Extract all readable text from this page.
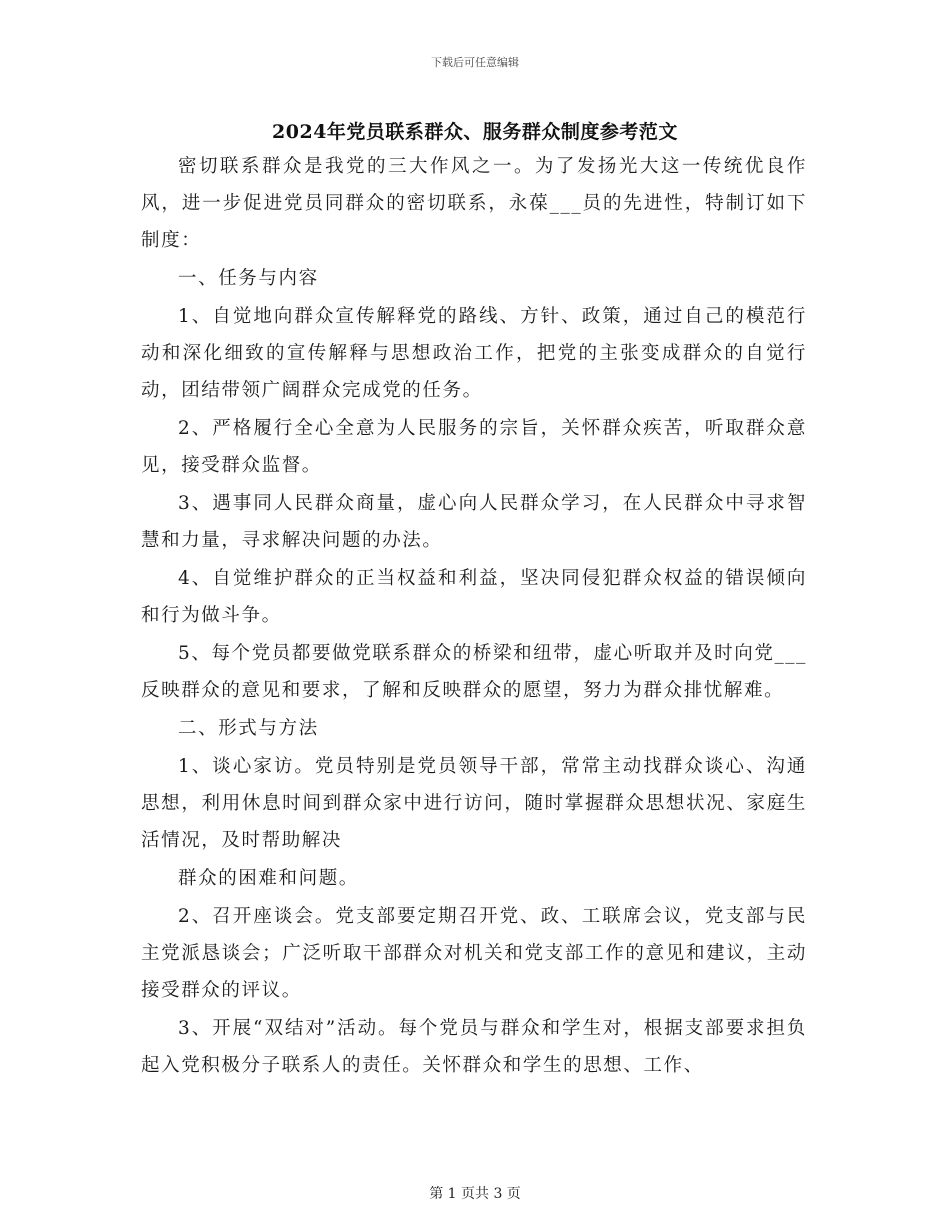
下载后可任意编辑
2024年党员联系群众、服务群众制度参考范文

密切联系群众是我党的三大作风之一。为了发扬光大这一传统优良作风，进一步促进党员同群众的密切联系，永葆___员的先进性，特制订如下制度：

一、任务与内容

1、自觉地向群众宣传解释党的路线、方针、政策，通过自己的模范行动和深化细致的宣传解释与思想政治工作，把党的主张变成群众的自觉行动，团结带领广阔群众完成党的任务。

2、严格履行全心全意为人民服务的宗旨，关怀群众疾苦，听取群众意见，接受群众监督。

3、遇事同人民群众商量，虚心向人民群众学习，在人民群众中寻求智慧和力量，寻求解决问题的办法。

4、自觉维护群众的正当权益和利益，坚决同侵犯群众权益的错误倾向和行为做斗争。

5、每个党员都要做党联系群众的桥梁和纽带，虚心听取并及时向党___反映群众的意见和要求，了解和反映群众的愿望，努力为群众排忧解难。

二、形式与方法

1、谈心家访。党员特别是党员领导干部，常常主动找群众谈心、沟通思想，利用休息时间到群众家中进行访问，随时掌握群众思想状况、家庭生活情况，及时帮助解决

群众的困难和问题。

2、召开座谈会。党支部要定期召开党、政、工联席会议，党支部与民主党派恳谈会；广泛听取干部群众对机关和党支部工作的意见和建议，主动接受群众的评议。

3、开展“双结对”活动。每个党员与群众和学生对，根据支部要求担负起入党积极分子联系人的责任。关怀群众和学生的思想、工作、

第 1 页共 3 页
